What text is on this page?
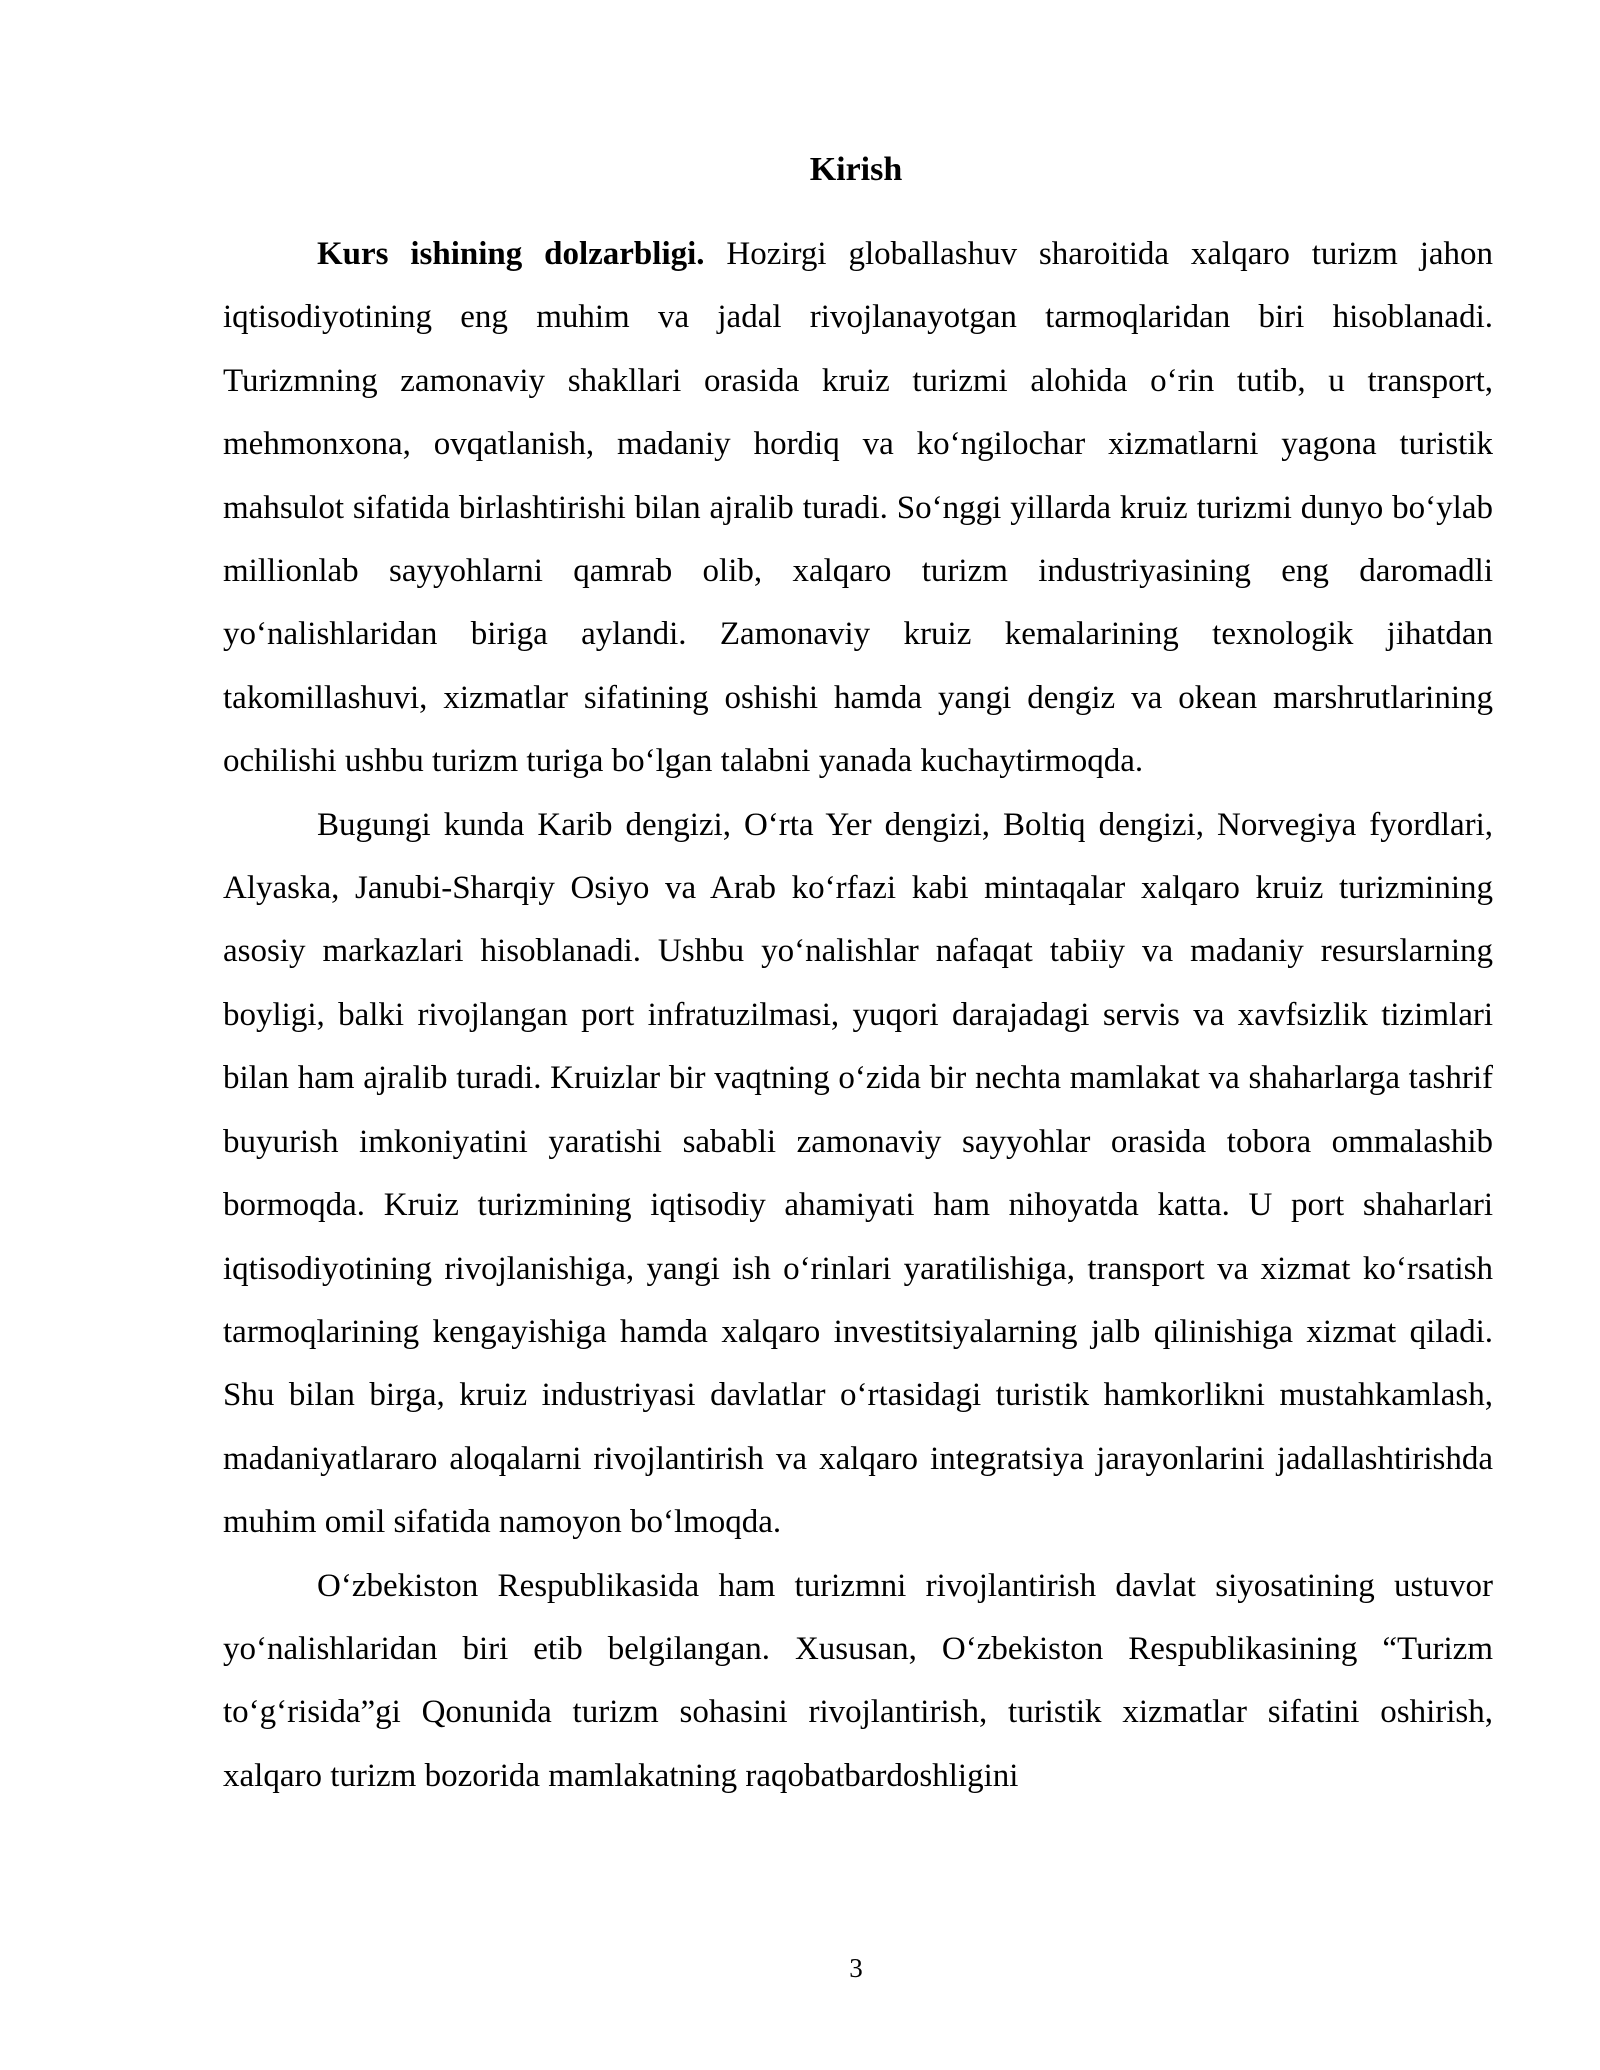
Kirish

Kurs ishining dolzarbligi. Hozirgi globallashuv sharoitida xalqaro turizm jahon iqtisodiyotining eng muhim va jadal rivojlanayotgan tarmoqlaridan biri hisoblanadi. Turizmning zamonaviy shakllari orasida kruiz turizmi alohida o‘rin tutib, u transport, mehmonxona, ovqatlanish, madaniy hordiq va ko‘ngilochar xizmatlarni yagona turistik mahsulot sifatida birlashtirishi bilan ajralib turadi. So‘nggi yillarda kruiz turizmi dunyo bo‘ylab millionlab sayyohlarni qamrab olib, xalqaro turizm industriyasining eng daromadli yo‘nalishlaridan biriga aylandi. Zamonaviy kruiz kemalarining texnologik jihatdan takomillashuvi, xizmatlar sifatining oshishi hamda yangi dengiz va okean marshrutlarining ochilishi ushbu turizm turiga bo‘lgan talabni yanada kuchaytirmoqda.

Bugungi kunda Karib dengizi, O‘rta Yer dengizi, Boltiq dengizi, Norvegiya fyordlari, Alyaska, Janubi-Sharqiy Osiyo va Arab ko‘rfazi kabi mintaqalar xalqaro kruiz turizmining asosiy markazlari hisoblanadi. Ushbu yo‘nalishlar nafaqat tabiiy va madaniy resurslarning boyligi, balki rivojlangan port infratuzilmasi, yuqori darajadagi servis va xavfsizlik tizimlari bilan ham ajralib turadi. Kruizlar bir vaqtning o‘zida bir nechta mamlakat va shaharlarga tashrif buyurish imkoniyatini yaratishi sababli zamonaviy sayyohlar orasida tobora ommalashib bormoqda. Kruiz turizmining iqtisodiy ahamiyati ham nihoyatda katta. U port shaharlari iqtisodiyotining rivojlanishiga, yangi ish o‘rinlari yaratilishiga, transport va xizmat ko‘rsatish tarmoqlarining kengayishiga hamda xalqaro investitsiyalarning jalb qilinishiga xizmat qiladi. Shu bilan birga, kruiz industriyasi davlatlar o‘rtasidagi turistik hamkorlikni mustahkamlash, madaniyatlararo aloqalarni rivojlantirish va xalqaro integratsiya jarayonlarini jadallashtirishda muhim omil sifatida namoyon bo‘lmoqda.

O‘zbekiston Respublikasida ham turizmni rivojlantirish davlat siyosatining ustuvor yo‘nalishlaridan biri etib belgilangan. Xususan, O‘zbekiston Respublikasining “Turizm to‘g‘risida”gi Qonunida turizm sohasini rivojlantirish, turistik xizmatlar sifatini oshirish, xalqaro turizm bozorida mamlakatning raqobatbardoshligini

3
